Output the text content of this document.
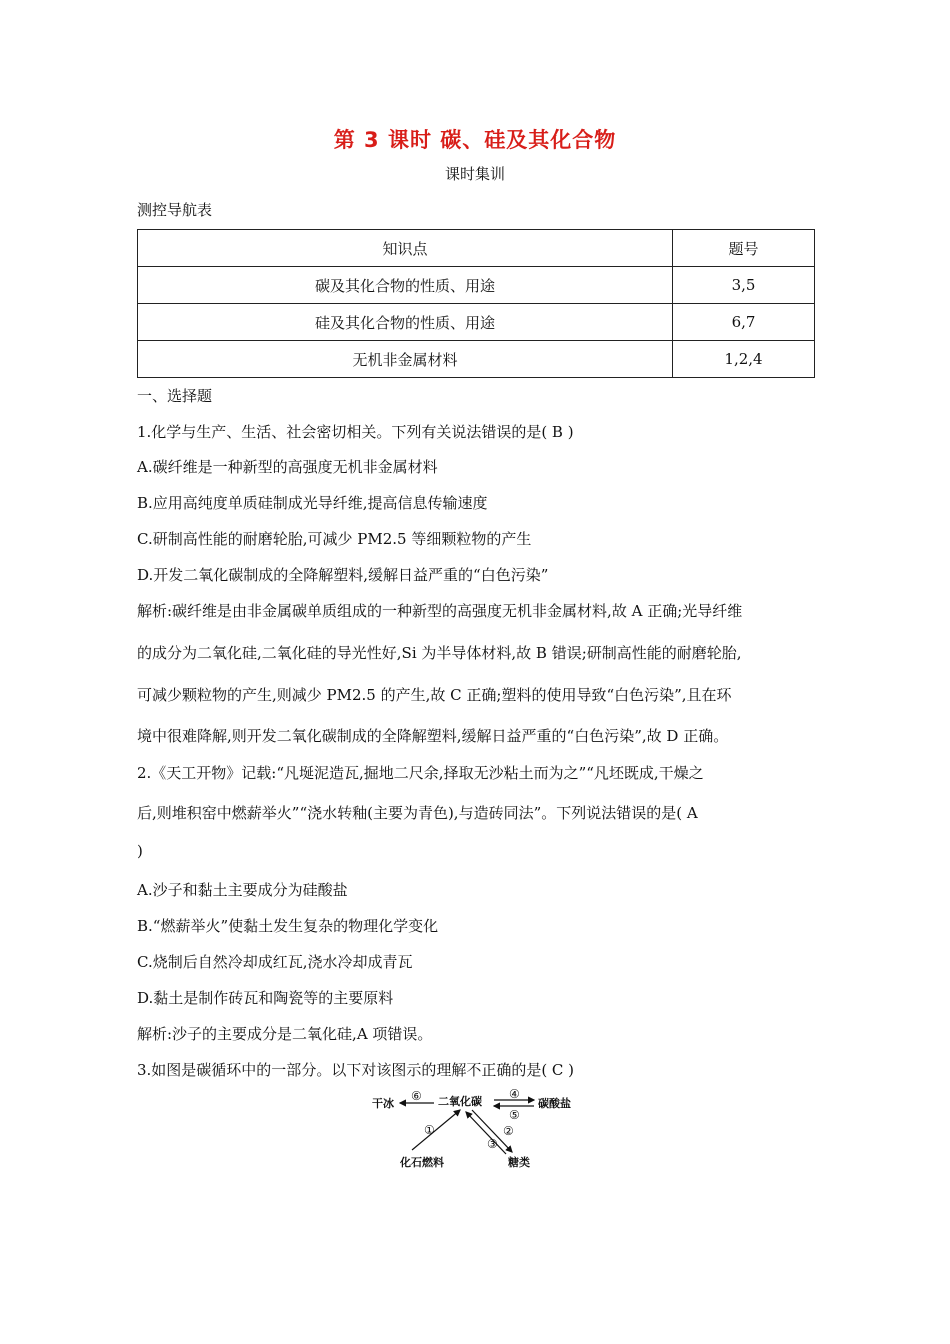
第 3 课时 碳、硅及其化合物
课时集训
测控导航表
知识点	题号
碳及其化合物的性质、用途	3,5
硅及其化合物的性质、用途	6,7
无机非金属材料	1,2,4
一、选择题
1.化学与生产、生活、社会密切相关。下列有关说法错误的是( B )
A.碳纤维是一种新型的高强度无机非金属材料
B.应用高纯度单质硅制成光导纤维,提高信息传输速度
C.研制高性能的耐磨轮胎,可减少 PM2.5 等细颗粒物的产生
D.开发二氧化碳制成的全降解塑料,缓解日益严重的“白色污染”
解析:碳纤维是由非金属碳单质组成的一种新型的高强度无机非金属材料,故 A 正确;光导纤维
的成分为二氧化硅,二氧化硅的导光性好,Si 为半导体材料,故 B 错误;研制高性能的耐磨轮胎,
可减少颗粒物的产生,则减少 PM2.5 的产生,故 C 正确;塑料的使用导致“白色污染”,且在环
境中很难降解,则开发二氧化碳制成的全降解塑料,缓解日益严重的“白色污染”,故 D 正确。
2.《天工开物》记载:“凡埏泥造瓦,掘地二尺余,择取无沙粘土而为之”“凡坯既成,干燥之
后,则堆积窑中燃薪举火”“浇水转釉(主要为青色),与造砖同法”。下列说法错误的是( A
)
A.沙子和黏土主要成分为硅酸盐
B.“燃薪举火”使黏土发生复杂的物理化学变化
C.烧制后自然冷却成红瓦,浇水冷却成青瓦
D.黏土是制作砖瓦和陶瓷等的主要原料
解析:沙子的主要成分是二氧化硅,A 项错误。
3.如图是碳循环中的一部分。以下对该图示的理解不正确的是( C )
干冰	二氧化碳	碳酸盐
化石燃料	糖类
①	②
③
④
⑤
⑥
